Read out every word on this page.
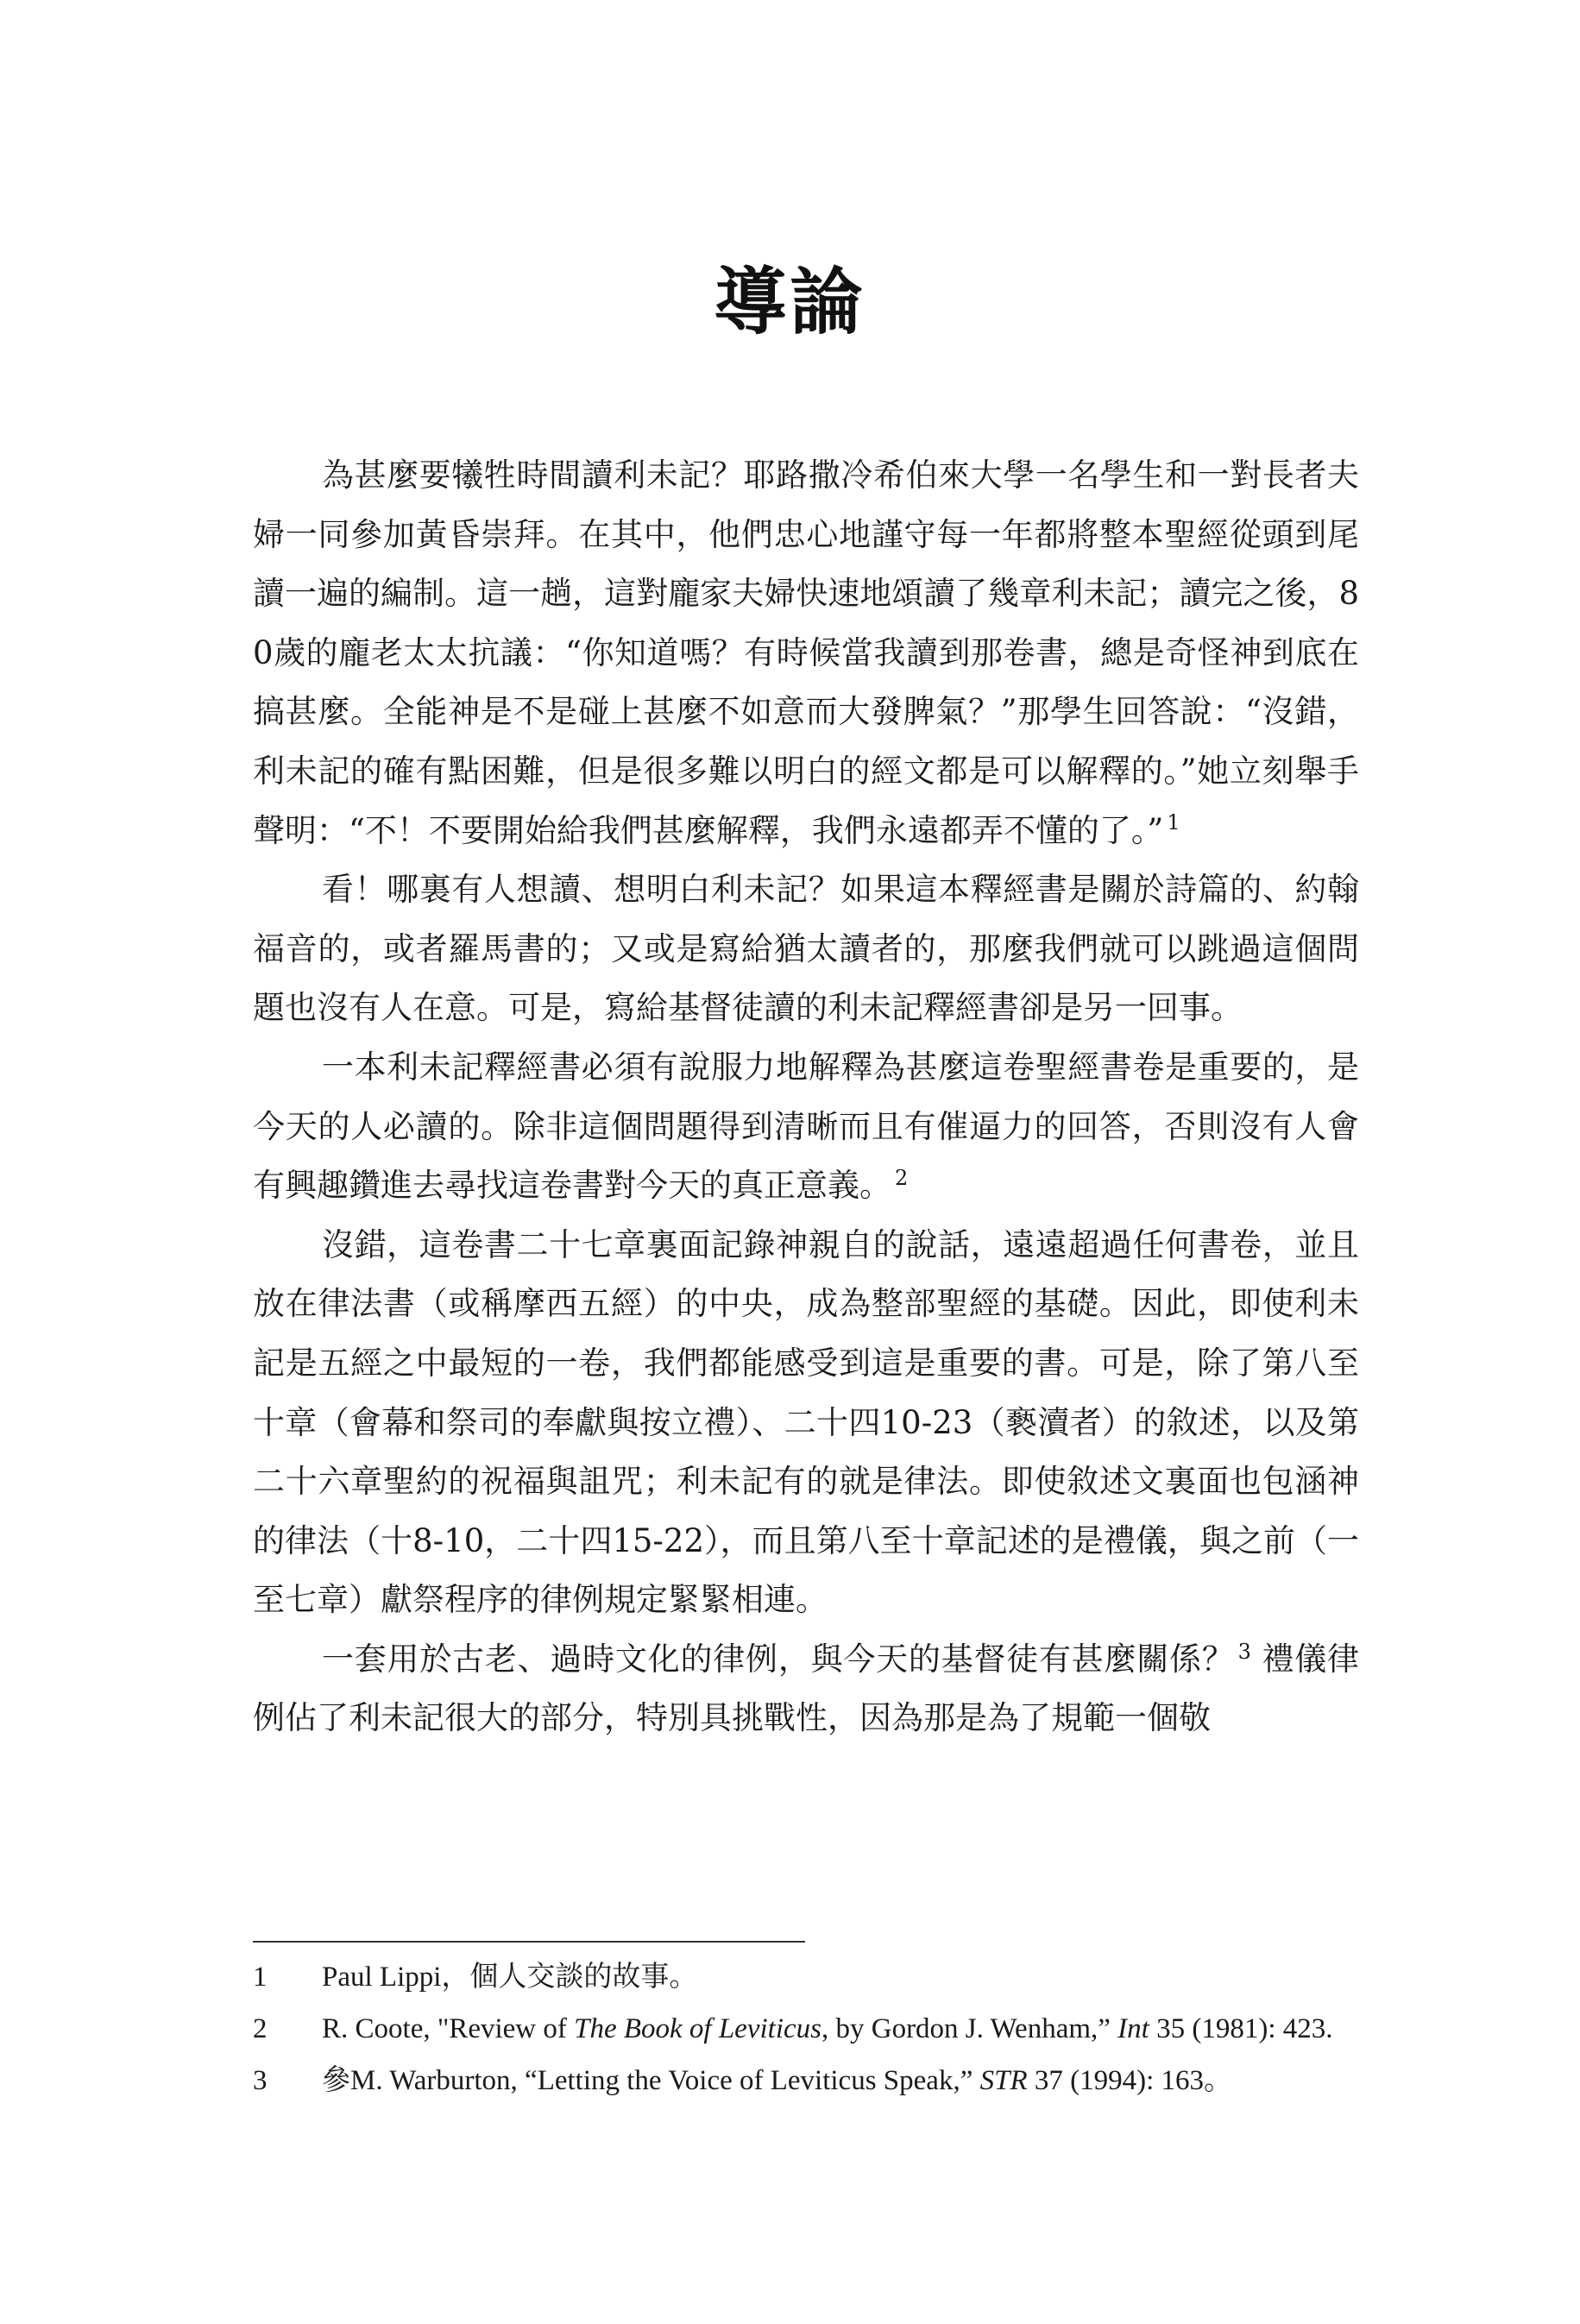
導論

為甚麼要犧牲時間讀利未記？耶路撒冷希伯來大學一名學生和一對長者夫婦一同參加黃昏崇拜。在其中，他們忠心地謹守每一年都將整本聖經從頭到尾讀一遍的編制。這一趟，這對龐家夫婦快速地頌讀了幾章利未記；讀完之後，80歲的龐老太太抗議：“你知道嗎？有時候當我讀到那卷書，總是奇怪神到底在搞甚麼。全能神是不是碰上甚麼不如意而大發脾氣？”那學生回答說：“沒錯，利未記的確有點困難，但是很多難以明白的經文都是可以解釋的。”她立刻舉手聲明：“不！不要開始給我們甚麼解釋，我們永遠都弄不懂的了。” $^1$

看！哪裏有人想讀、想明白利未記？如果這本釋經書是關於詩篇的、約翰福音的，或者羅馬書的；又或是寫給猶太讀者的，那麼我們就可以跳過這個問題也沒有人在意。可是，寫給基督徒讀的利未記釋經書卻是另一回事。

一本利未記釋經書必須有說服力地解釋為甚麼這卷聖經書卷是重要的，是今天的人必讀的。除非這個問題得到清晰而且有催逼力的回答，否則沒有人會有興趣鑽進去尋找這卷書對今天的真正意義。 $^2$

沒錯，這卷書二十七章裏面記錄神親自的說話，遠遠超過任何書卷，並且放在律法書（或稱摩西五經）的中央，成為整部聖經的基礎。因此，即使利未記是五經之中最短的一卷，我們都能感受到這是重要的書。可是，除了第八至十章（會幕和祭司的奉獻與按立禮）、二十四10-23（褻瀆者）的敘述，以及第二十六章聖約的祝福與詛咒；利未記有的就是律法。即使敘述文裏面也包涵神的律法（十8-10，二十四15-22），而且第八至十章記述的是禮儀，與之前（一至七章）獻祭程序的律例規定緊緊相連。

一套用於古老、過時文化的律例，與今天的基督徒有甚麼關係？ $^3$ 禮儀律例佔了利未記很大的部分，特別具挑戰性，因為那是為了規範一個敬

1	Paul Lippi，個人交談的故事。
2	R. Coote, "Review of The Book of Leviticus, by Gordon J. Wenham,” Int 35 (1981): 423.
3	參M. Warburton, “Letting the Voice of Leviticus Speak,” STR 37 (1994): 163。
